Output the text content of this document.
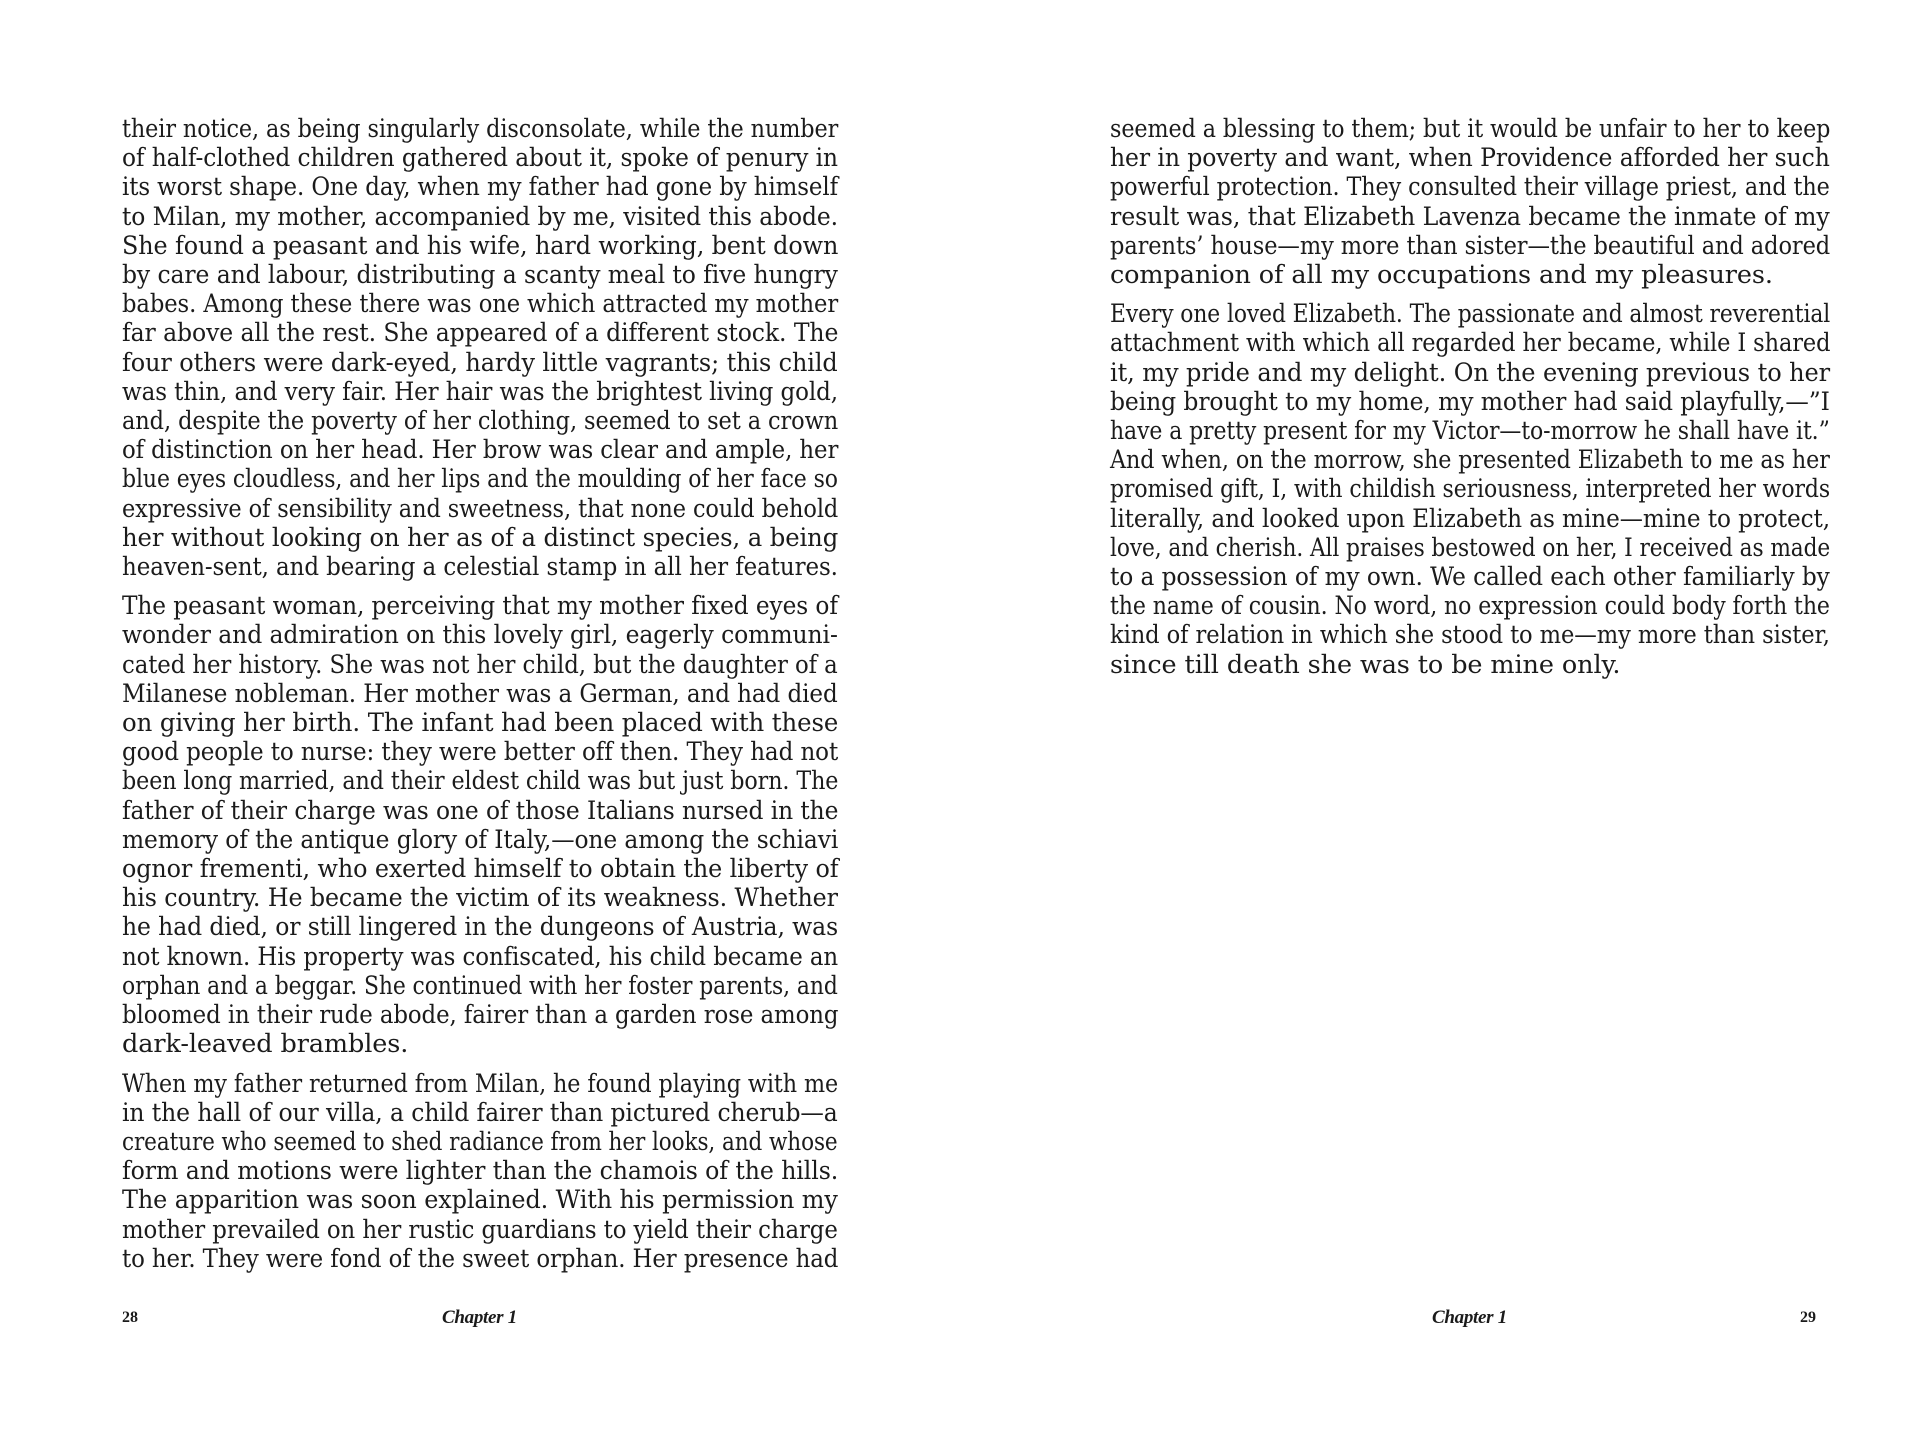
their notice, as being singularly disconsolate, while the number
of half-clothed children gathered about it, spoke of penury in
its worst shape. One day, when my father had gone by himself
to Milan, my mother, accompanied by me, visited this abode.
She found a peasant and his wife, hard working, bent down
by care and labour, distributing a scanty meal to five hungry
babes. Among these there was one which attracted my mother
far above all the rest. She appeared of a different stock. The
four others were dark-eyed, hardy little vagrants; this child
was thin, and very fair. Her hair was the brightest living gold,
and, despite the poverty of her clothing, seemed to set a crown
of distinction on her head. Her brow was clear and ample, her
blue eyes cloudless, and her lips and the moulding of her face so
expressive of sensibility and sweetness, that none could behold
her without looking on her as of a distinct species, a being
heaven-sent, and bearing a celestial stamp in all her features.

The peasant woman, perceiving that my mother fixed eyes of
wonder and admiration on this lovely girl, eagerly communi-
cated her history. She was not her child, but the daughter of a
Milanese nobleman. Her mother was a German, and had died
on giving her birth. The infant had been placed with these
good people to nurse: they were better off then. They had not
been long married, and their eldest child was but just born. The
father of their charge was one of those Italians nursed in the
memory of the antique glory of Italy,—one among the schiavi
ognor frementi, who exerted himself to obtain the liberty of
his country. He became the victim of its weakness. Whether
he had died, or still lingered in the dungeons of Austria, was
not known. His property was confiscated, his child became an
orphan and a beggar. She continued with her foster parents, and
bloomed in their rude abode, fairer than a garden rose among
dark-leaved brambles.

When my father returned from Milan, he found playing with me
in the hall of our villa, a child fairer than pictured cherub—a
creature who seemed to shed radiance from her looks, and whose
form and motions were lighter than the chamois of the hills.
The apparition was soon explained. With his permission my
mother prevailed on her rustic guardians to yield their charge
to her. They were fond of the sweet orphan. Her presence had

28	Chapter 1

seemed a blessing to them; but it would be unfair to her to keep
her in poverty and want, when Providence afforded her such
powerful protection. They consulted their village priest, and the
result was, that Elizabeth Lavenza became the inmate of my
parents’ house—my more than sister—the beautiful and adored
companion of all my occupations and my pleasures.

Every one loved Elizabeth. The passionate and almost reverential
attachment with which all regarded her became, while I shared
it, my pride and my delight. On the evening previous to her
being brought to my home, my mother had said playfully,—”I
have a pretty present for my Victor—to-morrow he shall have it.”
And when, on the morrow, she presented Elizabeth to me as her
promised gift, I, with childish seriousness, interpreted her words
literally, and looked upon Elizabeth as mine—mine to protect,
love, and cherish. All praises bestowed on her, I received as made
to a possession of my own. We called each other familiarly by
the name of cousin. No word, no expression could body forth the
kind of relation in which she stood to me—my more than sister,
since till death she was to be mine only.

Chapter 1	29
